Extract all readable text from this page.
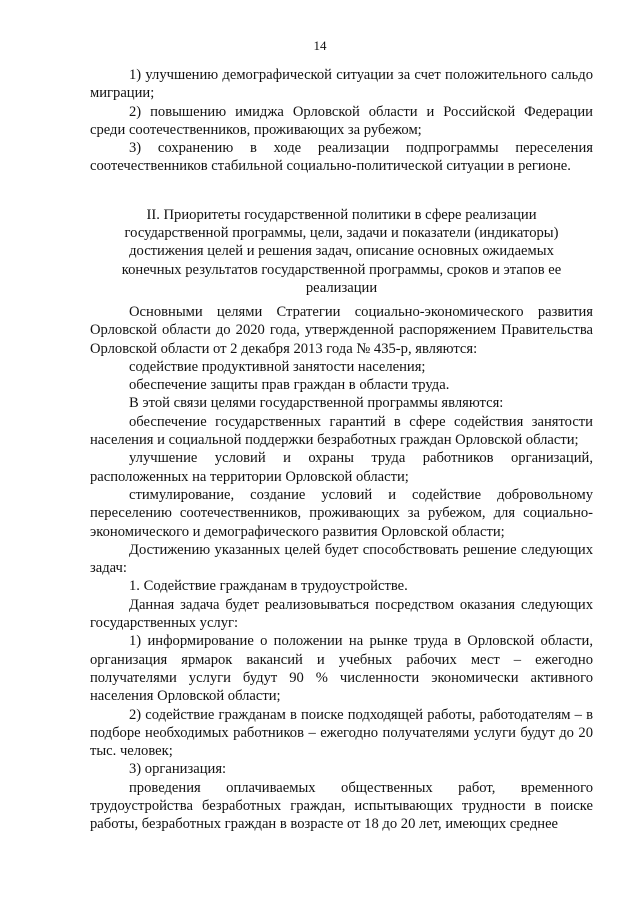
14

1) улучшению демографической ситуации за счет положительного сальдо миграции;

2) повышению имиджа Орловской области и Российской Федерации среди соотечественников, проживающих за рубежом;

3) сохранению в ходе реализации подпрограммы переселения соотечественников стабильной социально-политической ситуации в регионе.

II. Приоритеты государственной политики в сфере реализации государственной программы, цели, задачи и показатели (индикаторы) достижения целей и решения задач, описание основных ожидаемых конечных результатов государственной программы, сроков и этапов ее реализации

Основными целями Стратегии социально-экономического развития Орловской области до 2020 года, утвержденной распоряжением Правительства Орловской области от 2 декабря 2013 года № 435-р, являются:

содействие продуктивной занятости населения;

обеспечение защиты прав граждан в области труда.

В этой связи целями государственной программы являются:

обеспечение государственных гарантий в сфере содействия занятости населения и социальной поддержки безработных граждан Орловской области;

улучшение условий и охраны труда работников организаций, расположенных на территории Орловской области;

стимулирование, создание условий и содействие добровольному переселению соотечественников, проживающих за рубежом, для социально-экономического и демографического развития Орловской области;

Достижению указанных целей будет способствовать решение следующих задач:

1. Содействие гражданам в трудоустройстве.

Данная задача будет реализовываться посредством оказания следующих государственных услуг:

1) информирование о положении на рынке труда в Орловской области, организация ярмарок вакансий и учебных рабочих мест – ежегодно получателями услуги будут 90 % численности экономически активного населения Орловской области;

2) содействие гражданам в поиске подходящей работы, работодателям – в подборе необходимых работников – ежегодно получателями услуги будут до 20 тыс. человек;

3) организация:

проведения оплачиваемых общественных работ, временного трудоустройства безработных граждан, испытывающих трудности в поиске работы, безработных граждан в возрасте от 18 до 20 лет, имеющих среднее
